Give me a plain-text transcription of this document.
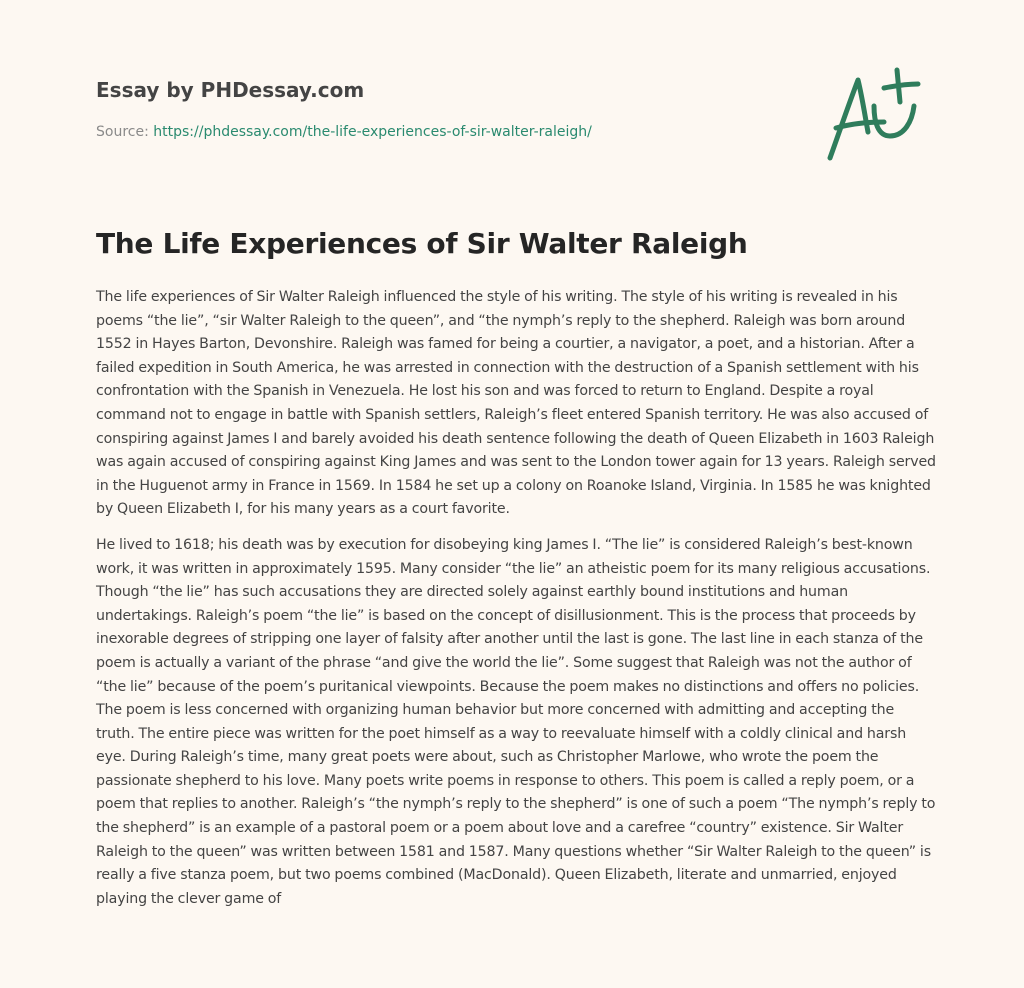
Essay by PHDessay.com
Source: https://phdessay.com/the-life-experiences-of-sir-walter-raleigh/
The Life Experiences of Sir Walter Raleigh

The life experiences of Sir Walter Raleigh influenced the style of his writing. The style of his writing is revealed in his poems “the lie”, “sir Walter Raleigh to the queen”, and “the nymph’s reply to the shepherd. Raleigh was born around 1552 in Hayes Barton, Devonshire. Raleigh was famed for being a courtier, a navigator, a poet, and a historian. After a failed expedition in South America, he was arrested in connection with the destruction of a Spanish settlement with his confrontation with the Spanish in Venezuela. He lost his son and was forced to return to England. Despite a royal command not to engage in battle with Spanish settlers, Raleigh’s fleet entered Spanish territory. He was also accused of conspiring against James I and barely avoided his death sentence following the death of Queen Elizabeth in 1603 Raleigh was again accused of conspiring against King James and was sent to the London tower again for 13 years. Raleigh served in the Huguenot army in France in 1569. In 1584 he set up a colony on Roanoke Island, Virginia. In 1585 he was knighted by Queen Elizabeth I, for his many years as a court favorite.

He lived to 1618; his death was by execution for disobeying king James I. “The lie” is considered Raleigh’s best-known work, it was written in approximately 1595. Many consider “the lie” an atheistic poem for its many religious accusations. Though “the lie” has such accusations they are directed solely against earthly bound institutions and human undertakings. Raleigh’s poem “the lie” is based on the concept of disillusionment. This is the process that proceeds by inexorable degrees of stripping one layer of falsity after another until the last is gone. The last line in each stanza of the poem is actually a variant of the phrase “and give the world the lie”. Some suggest that Raleigh was not the author of “the lie” because of the poem’s puritanical viewpoints. Because the poem makes no distinctions and offers no policies. The poem is less concerned with organizing human behavior but more concerned with admitting and accepting the truth. The entire piece was written for the poet himself as a way to reevaluate himself with a coldly clinical and harsh eye. During Raleigh’s time, many great poets were about, such as Christopher Marlowe, who wrote the poem the passionate shepherd to his love. Many poets write poems in response to others. This poem is called a reply poem, or a poem that replies to another. Raleigh’s “the nymph’s reply to the shepherd” is one of such a poem “The nymph’s reply to the shepherd” is an example of a pastoral poem or a poem about love and a carefree “country” existence. Sir Walter Raleigh to the queen” was written between 1581 and 1587. Many questions whether “Sir Walter Raleigh to the queen” is really a five stanza poem, but two poems combined (MacDonald). Queen Elizabeth, literate and unmarried, enjoyed playing the clever game of
